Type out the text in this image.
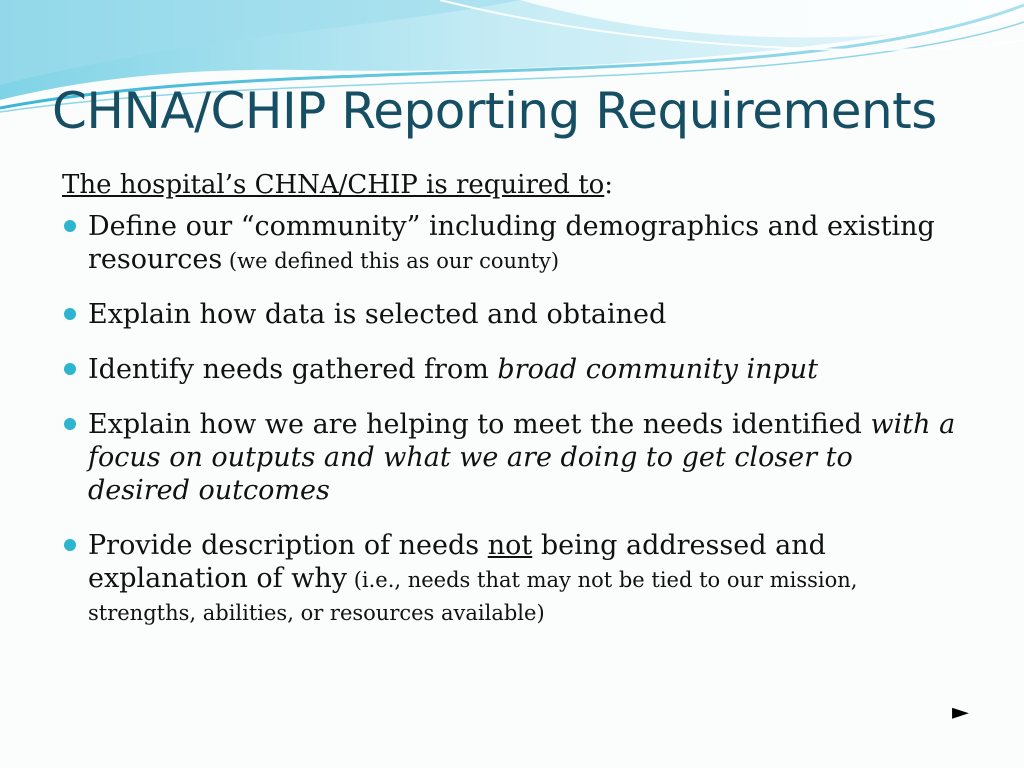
CHNA/CHIP Reporting Requirements

The hospital’s CHNA/CHIP is required to:

Define our “community” including demographics and existing resources (we defined this as our county)
Explain how data is selected and obtained
Identify needs gathered from broad community input
Explain how we are helping to meet the needs identified with a focus on outputs and what we are doing to get closer to desired outcomes
Provide description of needs not being addressed and explanation of why (i.e., needs that may not be tied to our mission, strengths, abilities, or resources available)
►
